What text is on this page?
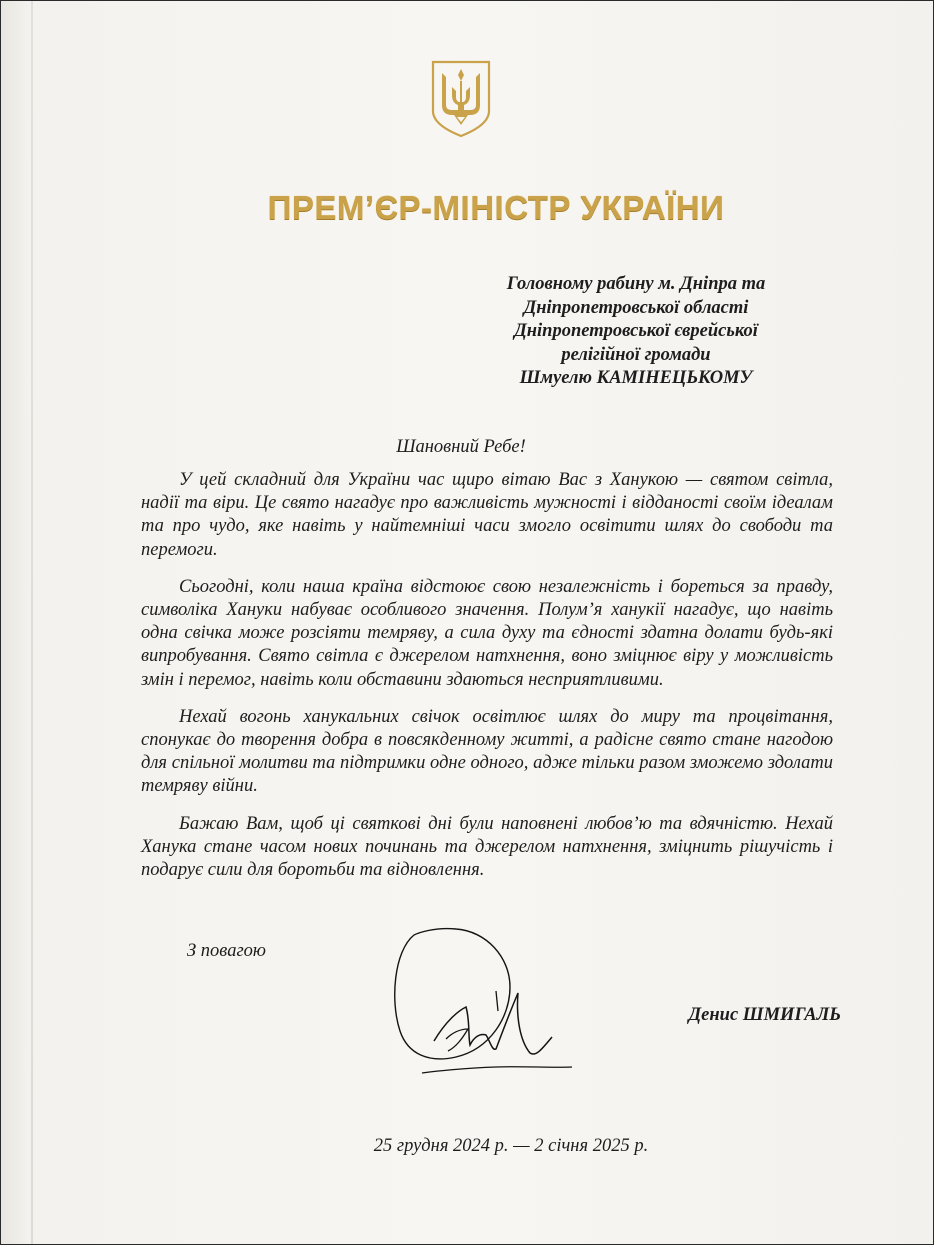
ПРЕМ’ЄР-МІНІСТР УКРАЇНИ
Головному рабину м. Дніпра та
Дніпропетровської області
Дніпропетровської єврейської
релігійної громади
Шмуелю КАМІНЕЦЬКОМУ
Шановний Ребе!

У цей складний для України час щиро вітаю Вас з Ханукою — святом світла, надії та віри. Це свято нагадує про важливість мужності і відданості своїм ідеалам та про чудо, яке навіть у найтемніші часи змогло освітити шлях до свободи та перемоги.

Сьогодні, коли наша країна відстоює свою незалежність і бореться за правду, символіка Хануки набуває особливого значення. Полум’я ханукії нагадує, що навіть одна свічка може розсіяти темряву, а сила духу та єдності здатна долати будь-які випробування. Свято світла є джерелом натхнення, воно зміцнює віру у можливість змін і перемог, навіть коли обставини здаються несприятливими.

Нехай вогонь ханукальних свічок освітлює шлях до миру та процвітання, спонукає до творення добра в повсякденному житті, а радісне свято стане нагодою для спільної молитви та підтримки одне одного, адже тільки разом зможемо здолати темряву війни.

Бажаю Вам, щоб ці святкові дні були наповнені любов’ю та вдячністю. Нехай Ханука стане часом нових починань та джерелом натхнення, зміцнить рішучість і подарує сили для боротьби та відновлення.

З повагою
Денис ШМИГАЛЬ
25 грудня 2024 р. — 2 січня 2025 р.
